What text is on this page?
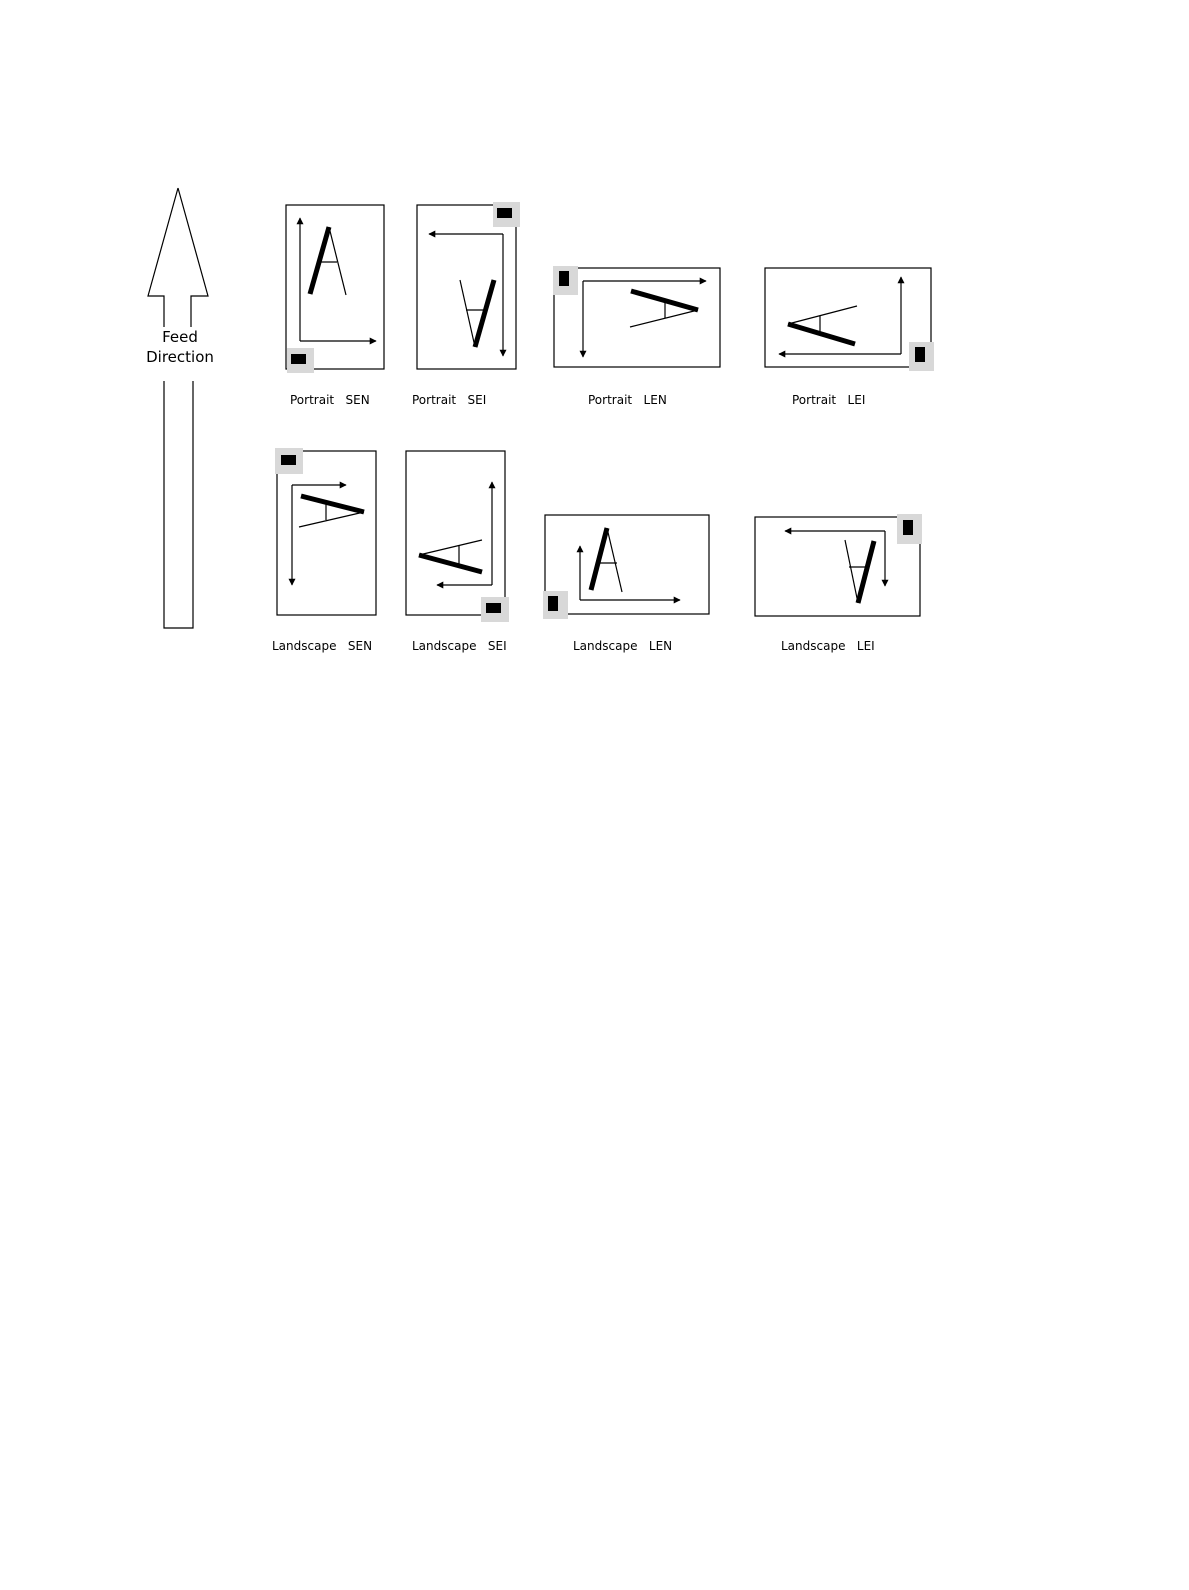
Feed
Direction
Portrait   SEN	Portrait   SEI	Portrait   LEN	Portrait   LEI
Landscape   SEN	Landscape   SEI	Landscape   LEN	Landscape   LEI
